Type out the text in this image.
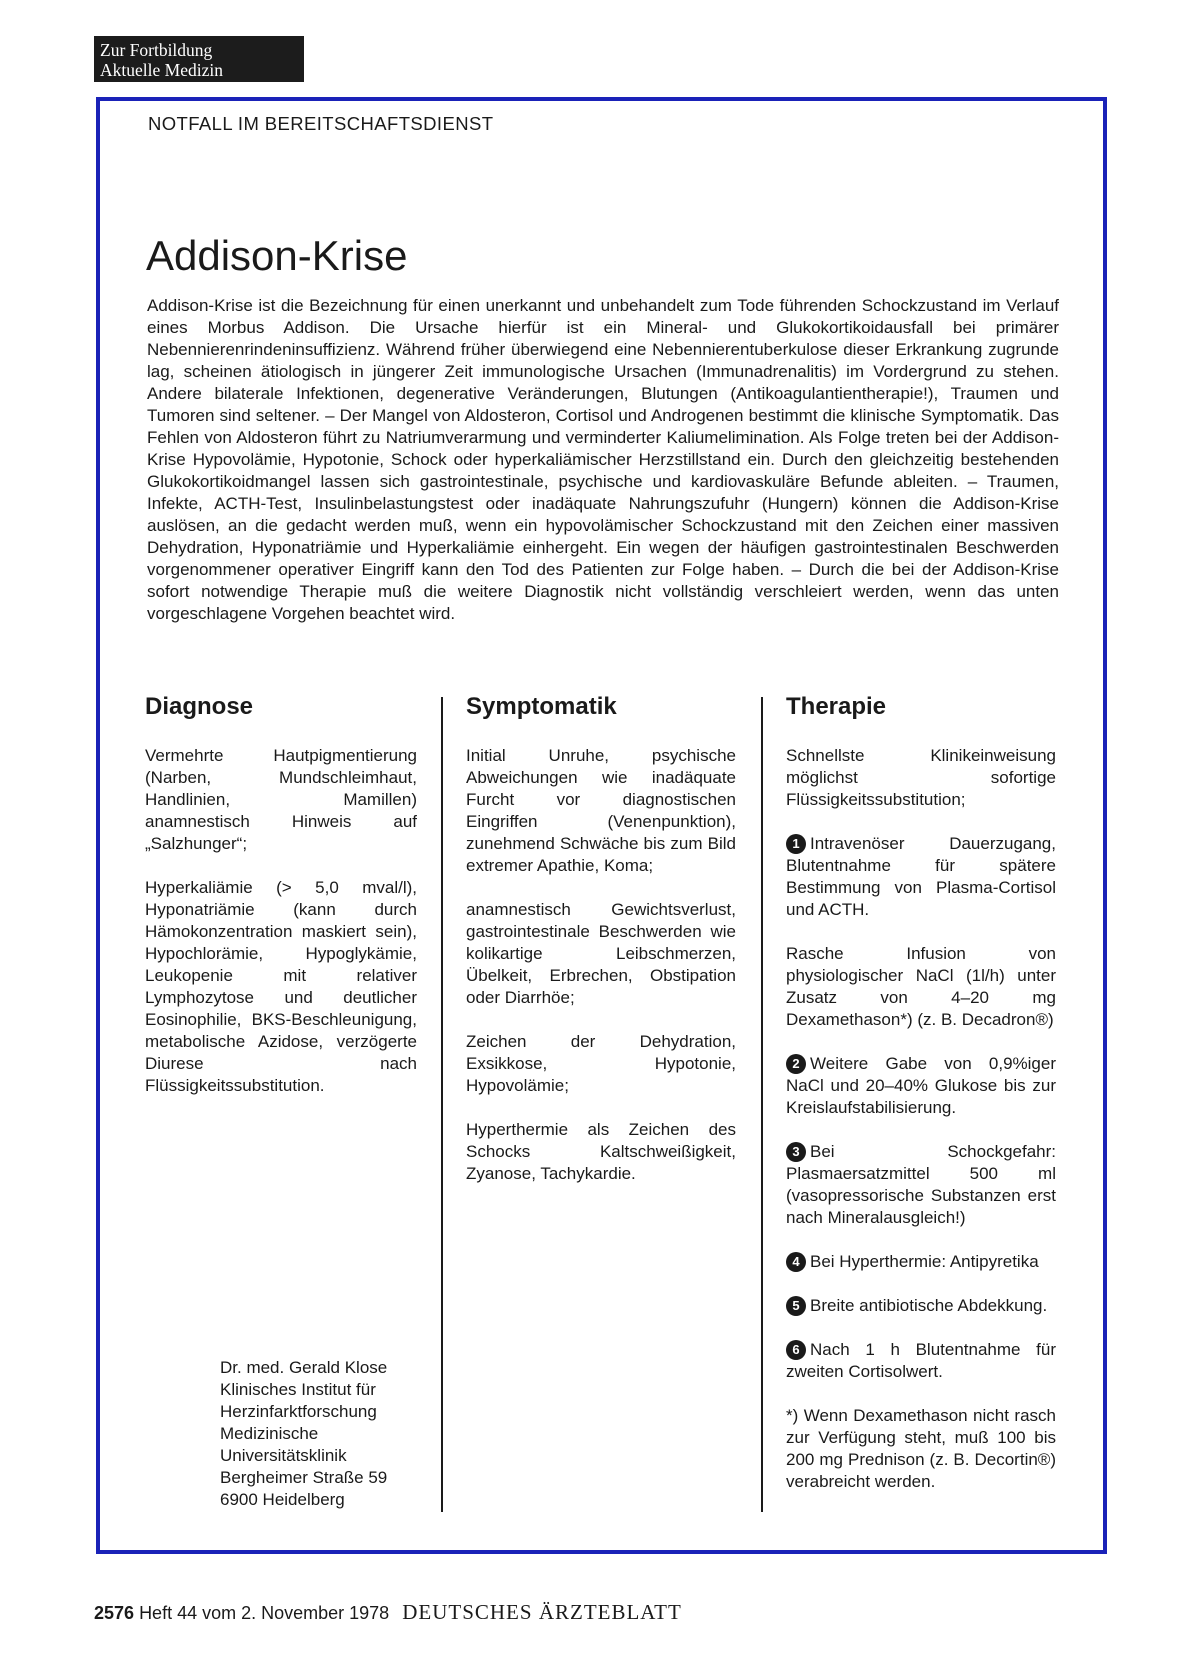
Zur Fortbildung
Aktuelle Medizin
NOTFALL IM BEREITSCHAFTSDIENST
Addison-Krise

Addison-Krise ist die Bezeichnung für einen unerkannt und unbehandelt zum Tode führenden Schockzustand im Verlauf eines Morbus Addison. Die Ursache hierfür ist ein Mineral- und Glukokortikoidausfall bei primärer Nebennierenrindeninsuffizienz. Während früher überwiegend eine Nebennierentuberkulose dieser Erkrankung zugrunde lag, scheinen ätiologisch in jüngerer Zeit immunologische Ursachen (Immunadrenalitis) im Vordergrund zu stehen. Andere bilaterale Infektionen, degenerative Veränderungen, Blutungen (Antikoagulantientherapie!), Traumen und Tumoren sind seltener. – Der Mangel von Aldosteron, Cortisol und Androgenen bestimmt die klinische Symptomatik. Das Fehlen von Aldosteron führt zu Natriumverarmung und verminderter Kaliumelimination. Als Folge treten bei der Addison-Krise Hypovolämie, Hypotonie, Schock oder hyperkaliämischer Herzstillstand ein. Durch den gleichzeitig bestehenden Glukokortikoidmangel lassen sich gastrointestinale, psychische und kardiovaskuläre Befunde ableiten. – Traumen, Infekte, ACTH-Test, Insulinbelastungstest oder inadäquate Nahrungszufuhr (Hungern) können die Addison-Krise auslösen, an die gedacht werden muß, wenn ein hypovolämischer Schockzustand mit den Zeichen einer massiven Dehydration, Hyponatriämie und Hyperkaliämie einhergeht. Ein wegen der häufigen gastrointestinalen Beschwerden vorgenommener operativer Eingriff kann den Tod des Patienten zur Folge haben. – Durch die bei der Addison-Krise sofort notwendige Therapie muß die weitere Diagnostik nicht vollständig verschleiert werden, wenn das unten vorgeschlagene Vorgehen beachtet wird.

Diagnose

Vermehrte Hautpigmentierung (Narben, Mundschleimhaut, Handlinien, Mamillen) anamnestisch Hinweis auf „Salzhunger“;

Hyperkaliämie (> 5,0 mval/l), Hyponatriämie (kann durch Hämokonzentration maskiert sein), Hypochlorämie, Hypoglykämie, Leukopenie mit relativer Lymphozytose und deutlicher Eosinophilie, BKS-Beschleunigung, metabolische Azidose, verzögerte Diurese nach Flüssigkeitssubstitution.

Symptomatik

Initial Unruhe, psychische Abweichungen wie inadäquate Furcht vor diagnostischen Eingriffen (Venenpunktion), zunehmend Schwäche bis zum Bild extremer Apathie, Koma;

anamnestisch Gewichtsverlust, gastrointestinale Beschwerden wie kolikartige Leibschmerzen, Übelkeit, Erbrechen, Obstipation oder Diarrhöe;

Zeichen der Dehydration, Exsikkose, Hypotonie, Hypovolämie;

Hyperthermie als Zeichen des Schocks Kaltschweißigkeit, Zyanose, Tachykardie.

Therapie

Schnellste Klinikeinweisung möglichst sofortige Flüssigkeitssubstitution;

1 Intravenöser Dauerzugang, Blutentnahme für spätere Bestimmung von Plasma-Cortisol und ACTH.

Rasche Infusion von physiologischer NaCl (1l/h) unter Zusatz von 4–20 mg Dexamethason*) (z. B. Decadron®)

2 Weitere Gabe von 0,9%iger NaCl und 20–40% Glukose bis zur Kreislaufstabilisierung.

3 Bei Schockgefahr: Plasmaersatzmittel 500 ml (vasopressorische Substanzen erst nach Mineralausgleich!)

4 Bei Hyperthermie: Antipyretika

5 Breite antibiotische Abdekkung.

6 Nach 1 h Blutentnahme für zweiten Cortisolwert.

*) Wenn Dexamethason nicht rasch zur Verfügung steht, muß 100 bis 200 mg Prednison (z. B. Decortin®) verabreicht werden.

Dr. med. Gerald Klose
Klinisches Institut für
Herzinfarktforschung
Medizinische
Universitätsklinik
Bergheimer Straße 59
6900 Heidelberg
2576 Heft 44 vom 2. November 1978 DEUTSCHES ÄRZTEBLATT
